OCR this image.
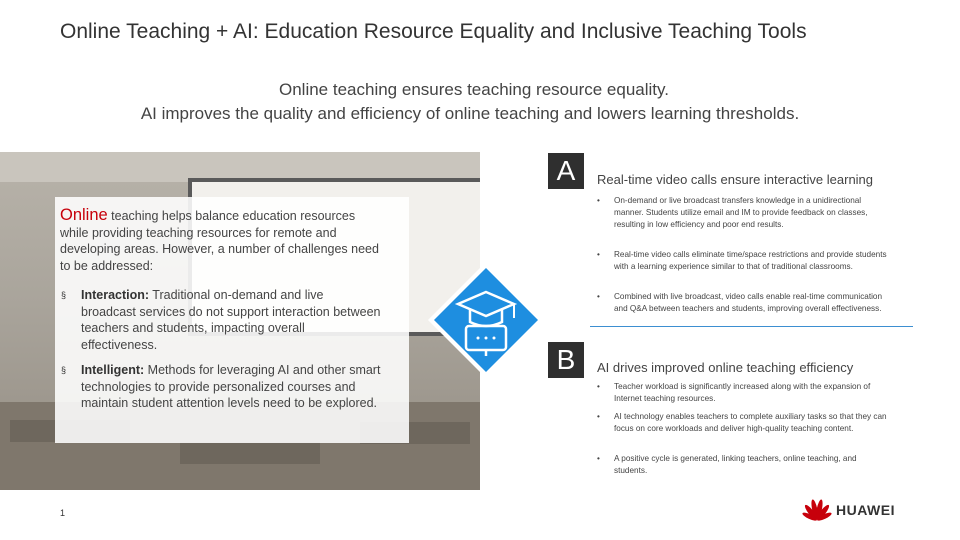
Online Teaching + AI: Education Resource Equality and Inclusive Teaching Tools
Online teaching ensures teaching resource equality.
AI improves the quality and efficiency of online teaching and lowers learning thresholds.
Online teaching helps balance education resources while providing teaching resources for remote and developing areas. However, a number of challenges need to be addressed:
§ Interaction: Traditional on-demand and live broadcast services do not support interaction between teachers and students, impacting overall effectiveness.
§ Intelligent: Methods for leveraging AI and other smart technologies to provide personalized courses and maintain student attention levels need to be explored.
A	Real-time video calls ensure interactive learning
• On-demand or live broadcast transfers knowledge in a unidirectional manner. Students utilize email and IM to provide feedback on classes, resulting in low efficiency and poor end results.
• Real-time video calls eliminate time/space restrictions and provide students with a learning experience similar to that of traditional classrooms.
• Combined with live broadcast, video calls enable real-time communication and Q&A between teachers and students, improving overall effectiveness.
B	AI drives improved online teaching efficiency
• Teacher workload is significantly increased along with the expansion of Internet teaching resources.
• AI technology enables teachers to complete auxiliary tasks so that they can focus on core workloads and deliver high-quality teaching content.
• A positive cycle is generated, linking teachers, online teaching, and students.
1	HUAWEI
